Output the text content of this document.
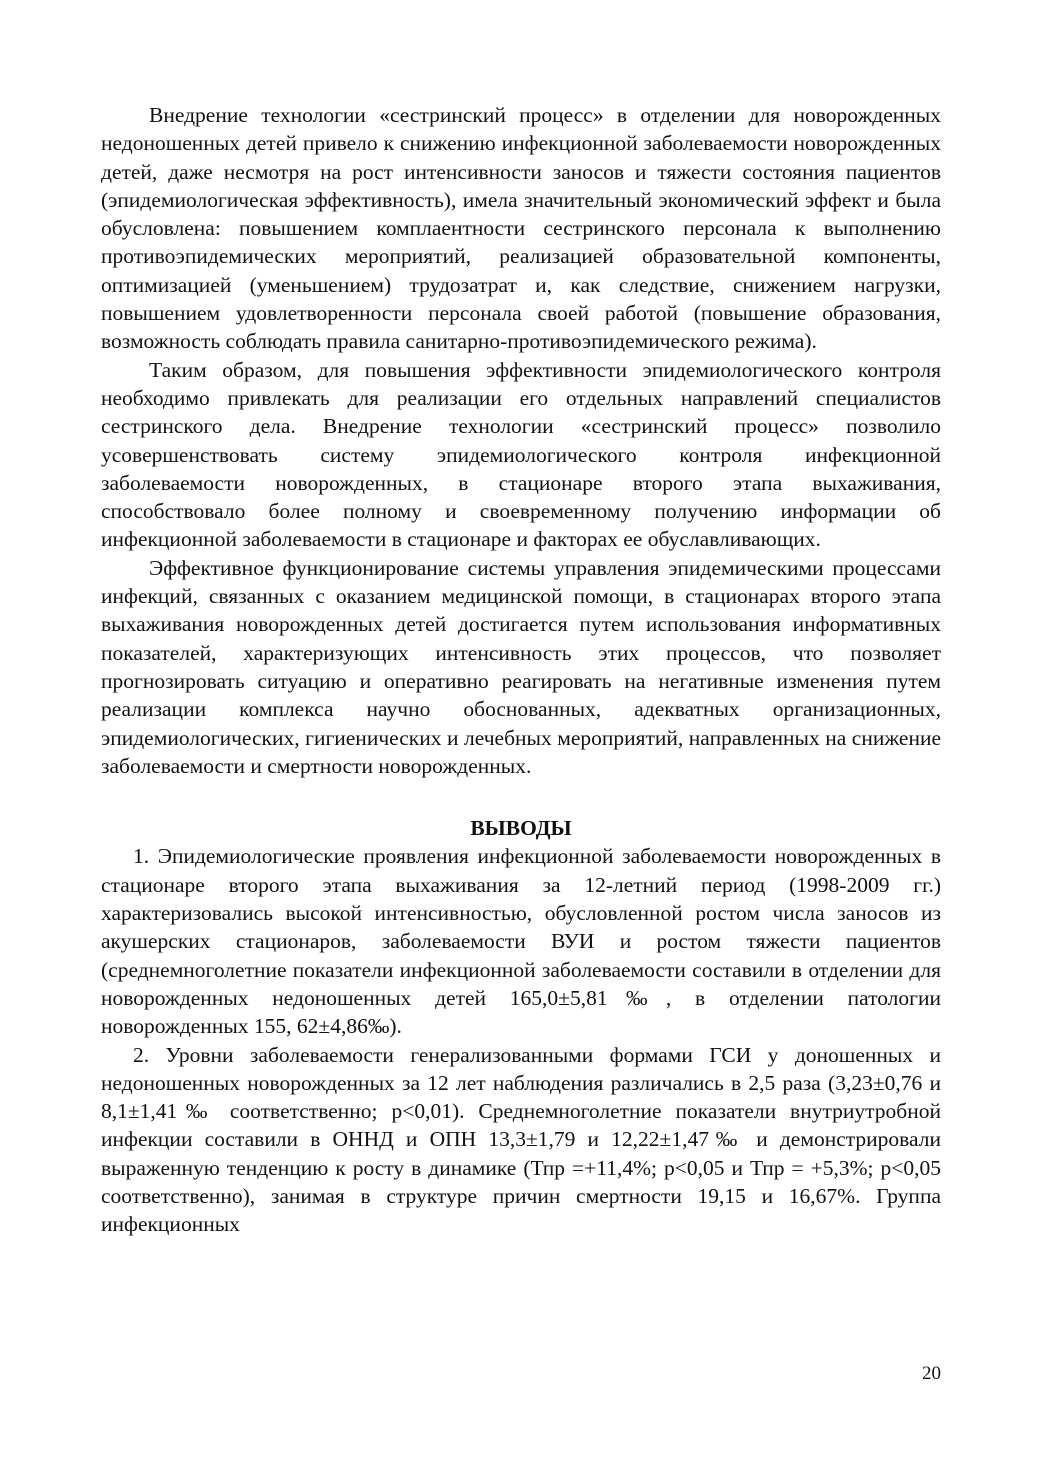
Внедрение технологии «сестринский процесс» в отделении для новорожденных недоношенных детей привело к снижению инфекционной заболеваемости новорожденных детей, даже несмотря на рост интенсивности заносов и тяжести состояния пациентов (эпидемиологическая эффективность), имела значительный экономический эффект и была обусловлена: повышением комплаентности сестринского персонала к выполнению противоэпидемических мероприятий, реализацией образовательной компоненты, оптимизацией (уменьшением) трудозатрат и, как следствие, снижением нагрузки, повышением удовлетворенности персонала своей работой (повышение образования, возможность соблюдать правила санитарно-противоэпидемического режима).

Таким образом, для повышения эффективности эпидемиологического контроля необходимо привлекать для реализации его отдельных направлений специалистов сестринского дела. Внедрение технологии «сестринский процесс» позволило усовершенствовать систему эпидемиологического контроля инфекционной заболеваемости новорожденных, в стационаре второго этапа выхаживания, способствовало более полному и своевременному получению информации об инфекционной заболеваемости в стационаре и факторах ее обуславливающих.

Эффективное функционирование системы управления эпидемическими процессами инфекций, связанных с оказанием медицинской помощи, в стационарах второго этапа выхаживания новорожденных детей достигается путем использования информативных показателей, характеризующих интенсивность этих процессов, что позволяет прогнозировать ситуацию и оперативно реагировать на негативные изменения путем реализации комплекса научно обоснованных, адекватных организационных, эпидемиологических, гигиенических и лечебных мероприятий, направленных на снижение заболеваемости и смертности новорожденных.

ВЫВОДЫ

1. Эпидемиологические проявления инфекционной заболеваемости новорожденных в стационаре второго этапа выхаживания за 12-летний период (1998-2009 гг.) характеризовались высокой интенсивностью, обусловленной ростом числа заносов из акушерских стационаров, заболеваемости ВУИ и ростом тяжести пациентов (среднемноголетние показатели инфекционной заболеваемости составили в отделении для новорожденных недоношенных детей 165,0±5,81‰, в отделении патологии новорожденных 155, 62±4,86‰).

2. Уровни заболеваемости генерализованными формами ГСИ у доношенных и недоношенных новорожденных за 12 лет наблюдения различались в 2,5 раза (3,23±0,76 и 8,1±1,41‰ соответственно; р<0,01). Среднемноголетние показатели внутриутробной инфекции составили в ОННД и ОПН 13,3±1,79 и 12,22±1,47‰ и демонстрировали выраженную тенденцию к росту в динамике (Тпр =+11,4%; р<0,05 и Тпр = +5,3%; р<0,05 соответственно), занимая в структуре причин смертности 19,15 и 16,67%. Группа инфекционных

20
